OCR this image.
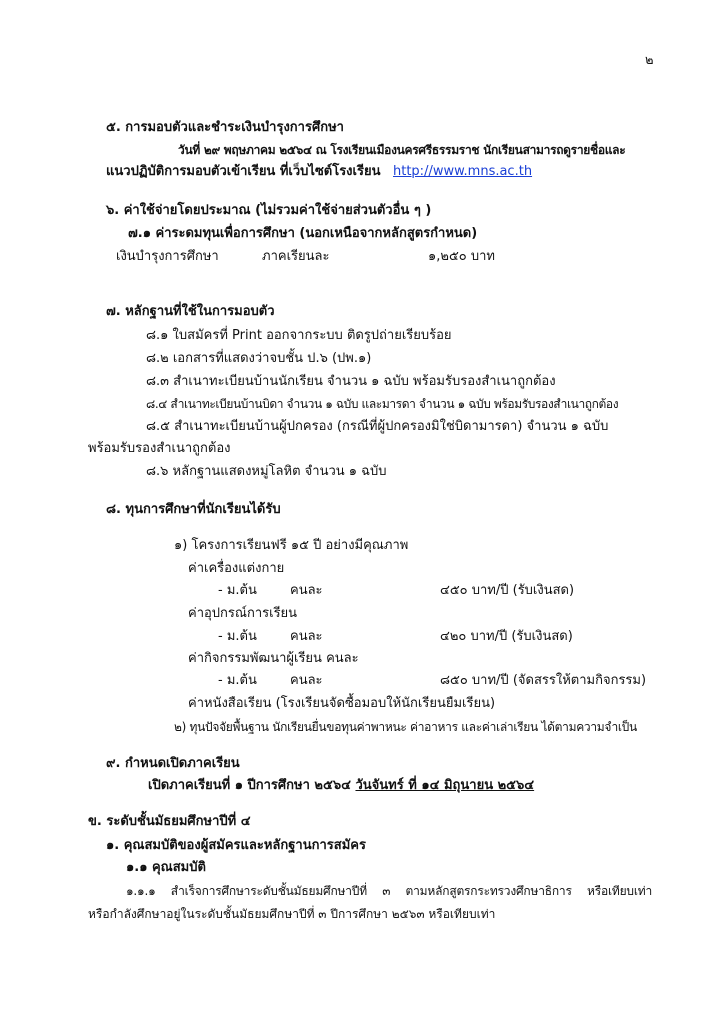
๒
๕. การมอบตัวและชำระเงินบำรุงการศึกษา
วันที่ ๒๙ พฤษภาคม ๒๕๖๔ ณ โรงเรียนเมืองนครศรีธรรมราช นักเรียนสามารถดูรายชื่อและ
แนวปฏิบัติการมอบตัวเข้าเรียน ที่เว็บไซต์โรงเรียน http://www.mns.ac.th
๖. ค่าใช้จ่ายโดยประมาณ (ไม่รวมค่าใช้จ่ายส่วนตัวอื่น ๆ )
๗.๑ ค่าระดมทุนเพื่อการศึกษา (นอกเหนือจากหลักสูตรกำหนด)
เงินบำรุงการศึกษา	ภาคเรียนละ	๑,๒๕๐ บาท
๗. หลักฐานที่ใช้ในการมอบตัว
๘.๑ ใบสมัครที่ Print ออกจากระบบ ติดรูปถ่ายเรียบร้อย
๘.๒ เอกสารที่แสดงว่าจบชั้น ป.๖ (ปพ.๑)
๘.๓ สำเนาทะเบียนบ้านนักเรียน จำนวน ๑ ฉบับ พร้อมรับรองสำเนาถูกต้อง
๘.๔ สำเนาทะเบียนบ้านบิดา จำนวน ๑ ฉบับ และมารดา จำนวน ๑ ฉบับ พร้อมรับรองสำเนาถูกต้อง
๘.๕ สำเนาทะเบียนบ้านผู้ปกครอง (กรณีที่ผู้ปกครองมิใช่บิดามารดา) จำนวน ๑ ฉบับ
พร้อมรับรองสำเนาถูกต้อง
๘.๖ หลักฐานแสดงหมู่โลหิต จำนวน ๑ ฉบับ
๘. ทุนการศึกษาที่นักเรียนได้รับ
๑) โครงการเรียนฟรี ๑๕ ปี อย่างมีคุณภาพ
ค่าเครื่องแต่งกาย
- ม.ต้น	คนละ	๔๕๐ บาท/ปี (รับเงินสด)
ค่าอุปกรณ์การเรียน
- ม.ต้น	คนละ	๔๒๐ บาท/ปี (รับเงินสด)
ค่ากิจกรรมพัฒนาผู้เรียน คนละ
- ม.ต้น	คนละ	๘๕๐ บาท/ปี (จัดสรรให้ตามกิจกรรม)
ค่าหนังสือเรียน (โรงเรียนจัดซื้อมอบให้นักเรียนยืมเรียน)
๒) ทุนปัจจัยพื้นฐาน นักเรียนยื่นขอทุนค่าพาหนะ ค่าอาหาร และค่าเล่าเรียน ได้ตามความจำเป็น
๙. กำหนดเปิดภาคเรียน
เปิดภาคเรียนที่ ๑ ปีการศึกษา ๒๕๖๔ วันจันทร์ ที่ ๑๔ มิถุนายน ๒๕๖๔
ข. ระดับชั้นมัธยมศึกษาปีที่ ๔
๑. คุณสมบัติของผู้สมัครและหลักฐานการสมัคร
๑.๑ คุณสมบัติ
๑.๑.๑ สำเร็จการศึกษาระดับชั้นมัธยมศึกษาปีที่ ๓ ตามหลักสูตรกระทรวงศึกษาธิการ หรือเทียบเท่า
หรือกำลังศึกษาอยู่ในระดับชั้นมัธยมศึกษาปีที่ ๓ ปีการศึกษา ๒๕๖๓ หรือเทียบเท่า
